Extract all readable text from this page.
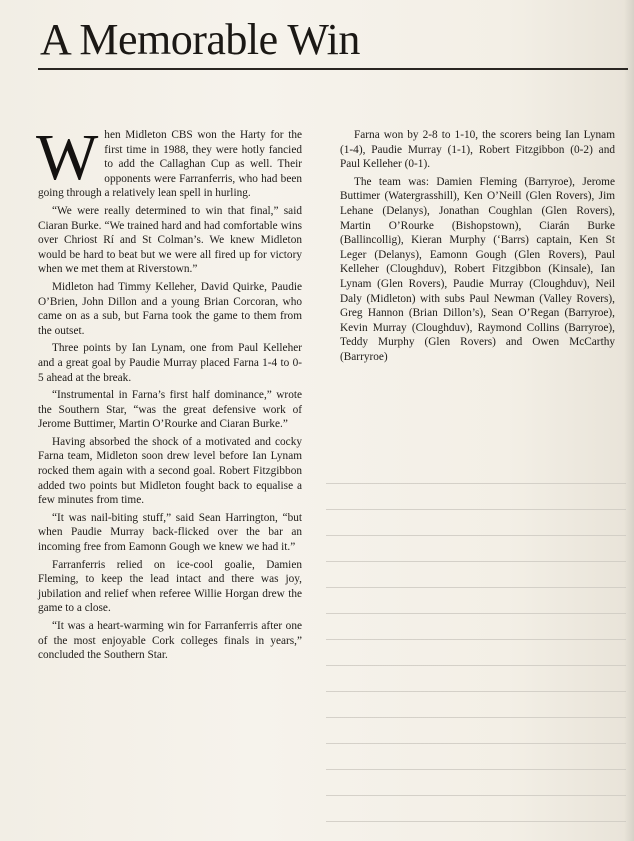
A Memorable Win

When Midleton CBS won the Harty for the first time in 1988, they were hotly fancied to add the Callaghan Cup as well. Their opponents were Farranferris, who had been going through a relatively lean spell in hurling.

“We were really determined to win that final,” said Ciaran Burke. “We trained hard and had comfortable wins over Chriost Rí and St Colman’s. We knew Midleton would be hard to beat but we were all fired up for victory when we met them at Riverstown.”

Midleton had Timmy Kelleher, David Quirke, Paudie O’Brien, John Dillon and a young Brian Corcoran, who came on as a sub, but Farna took the game to them from the outset.

Three points by Ian Lynam, one from Paul Kelleher and a great goal by Paudie Murray placed Farna 1-4 to 0-5 ahead at the break.

“Instrumental in Farna’s first half dominance,” wrote the Southern Star, “was the great defensive work of Jerome Buttimer, Martin O’Rourke and Ciaran Burke.”

Having absorbed the shock of a motivated and cocky Farna team, Midleton soon drew level before Ian Lynam rocked them again with a second goal. Robert Fitzgibbon added two points but Midleton fought back to equalise a few minutes from time.

“It was nail-biting stuff,” said Sean Harrington, “but when Paudie Murray back-flicked over the bar an incoming free from Eamonn Gough we knew we had it.”

Farranferris relied on ice-cool goalie, Damien Fleming, to keep the lead intact and there was joy, jubilation and relief when referee Willie Horgan drew the game to a close.

“It was a heart-warming win for Farranferris after one of the most enjoyable Cork colleges finals in years,” concluded the Southern Star.

Farna won by 2-8 to 1-10, the scorers being Ian Lynam (1-4), Paudie Murray (1-1), Robert Fitzgibbon (0-2) and Paul Kelleher (0-1).

The team was: Damien Fleming (Barryroe), Jerome Buttimer (Watergrasshill), Ken O’Neill (Glen Rovers), Jim Lehane (Delanys), Jonathan Coughlan (Glen Rovers), Martin O’Rourke (Bishopstown), Ciarán Burke (Ballincollig), Kieran Murphy (‘Barrs) captain, Ken St Leger (Delanys), Eamonn Gough (Glen Rovers), Paul Kelleher (Cloughduv), Robert Fitzgibbon (Kinsale), Ian Lynam (Glen Rovers), Paudie Murray (Cloughduv), Neil Daly (Midleton) with subs Paul Newman (Valley Rovers), Greg Hannon (Brian Dillon’s), Sean O’Regan (Barryroe), Kevin Murray (Cloughduv), Raymond Collins (Barryroe), Teddy Murphy (Glen Rovers) and Owen McCarthy (Barryroe)
